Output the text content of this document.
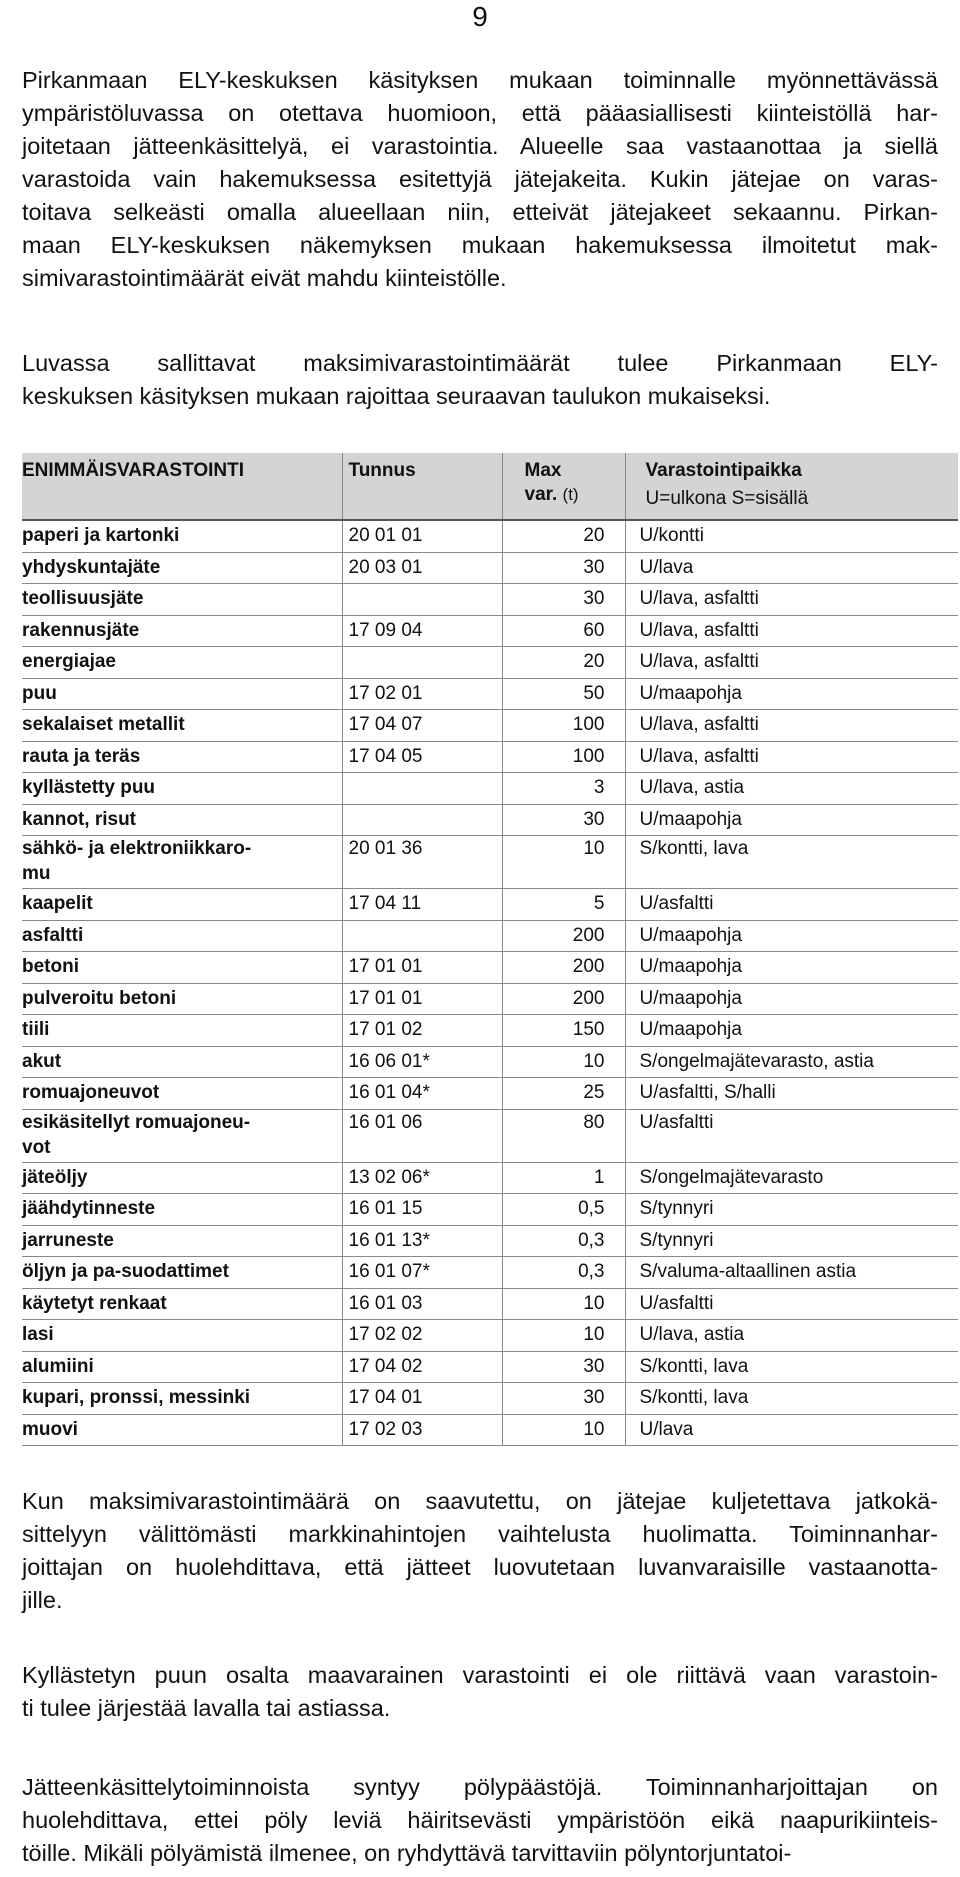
9

Pirkanmaan ELY-keskuksen käsityksen mukaan toiminnalle myönnettävässä
ympäristöluvassa on otettava huomioon, että pääasiallisesti kiinteistöllä har-
joitetaan jätteenkäsittelyä, ei varastointia. Alueelle saa vastaanottaa ja siellä
varastoida vain hakemuksessa esitettyjä jätejakeita. Kukin jätejae on varas-
toitava selkeästi omalla alueellaan niin, etteivät jätejakeet sekaannu. Pirkan-
maan ELY-keskuksen näkemyksen mukaan hakemuksessa ilmoitetut mak-
simivarastointimäärät eivät mahdu kiinteistölle.

Luvassa sallittavat maksimivarastointimäärät tulee Pirkanmaan ELY-
keskuksen käsityksen mukaan rajoittaa seuraavan taulukon mukaiseksi.

ENIMMÄISVARASTOINTI	Tunnus	Max
var. (t)	Varastointipaikka
U=ulkona S=sisällä

paperi ja kartonki	20 01 01	20	U/kontti
yhdyskuntajäte	20 03 01	30	U/lava
teollisuusjäte		30	U/lava, asfaltti
rakennusjäte	17 09 04	60	U/lava, asfaltti
energiajae		20	U/lava, asfaltti
puu	17 02 01	50	U/maapohja
sekalaiset metallit	17 04 07	100	U/lava, asfaltti
rauta ja teräs	17 04 05	100	U/lava, asfaltti
kyllästetty puu		3	U/lava, astia
kannot, risut		30	U/maapohja
sähkö- ja elektroniikkaro-
mu	20 01 36	10	S/kontti, lava
kaapelit	17 04 11	5	U/asfaltti
asfaltti		200	U/maapohja
betoni	17 01 01	200	U/maapohja
pulveroitu betoni	17 01 01	200	U/maapohja
tiili	17 01 02	150	U/maapohja
akut	16 06 01*	10	S/ongelmajätevarasto, astia
romuajoneuvot	16 01 04*	25	U/asfaltti, S/halli
esikäsitellyt romuajoneu-
vot	16 01 06	80	U/asfaltti
jäteöljy	13 02 06*	1	S/ongelmajätevarasto
jäähdytinneste	16 01 15	0,5	S/tynnyri
jarruneste	16 01 13*	0,3	S/tynnyri
öljyn ja pa-suodattimet	16 01 07*	0,3	S/valuma-altaallinen astia
käytetyt renkaat	16 01 03	10	U/asfaltti
lasi	17 02 02	10	U/lava, astia
alumiini	17 04 02	30	S/kontti, lava
kupari, pronssi, messinki	17 04 01	30	S/kontti, lava
muovi	17 02 03	10	U/lava

Kun maksimivarastointimäärä on saavutettu, on jätejae kuljetettava jatkokä-
sittelyyn välittömästi markkinahintojen vaihtelusta huolimatta. Toiminnanhar-
joittajan on huolehdittava, että jätteet luovutetaan luvanvaraisille vastaanotta-
jille.

Kyllästetyn puun osalta maavarainen varastointi ei ole riittävä vaan varastoin-
ti tulee järjestää lavalla tai astiassa.

Jätteenkäsittelytoiminnoista syntyy pölypäästöjä. Toiminnanharjoittajan on
huolehdittava, ettei pöly leviä häiritsevästi ympäristöön eikä naapurikiinteis-
töille. Mikäli pölyämistä ilmenee, on ryhdyttävä tarvittaviin pölyntorjuntatoi-
